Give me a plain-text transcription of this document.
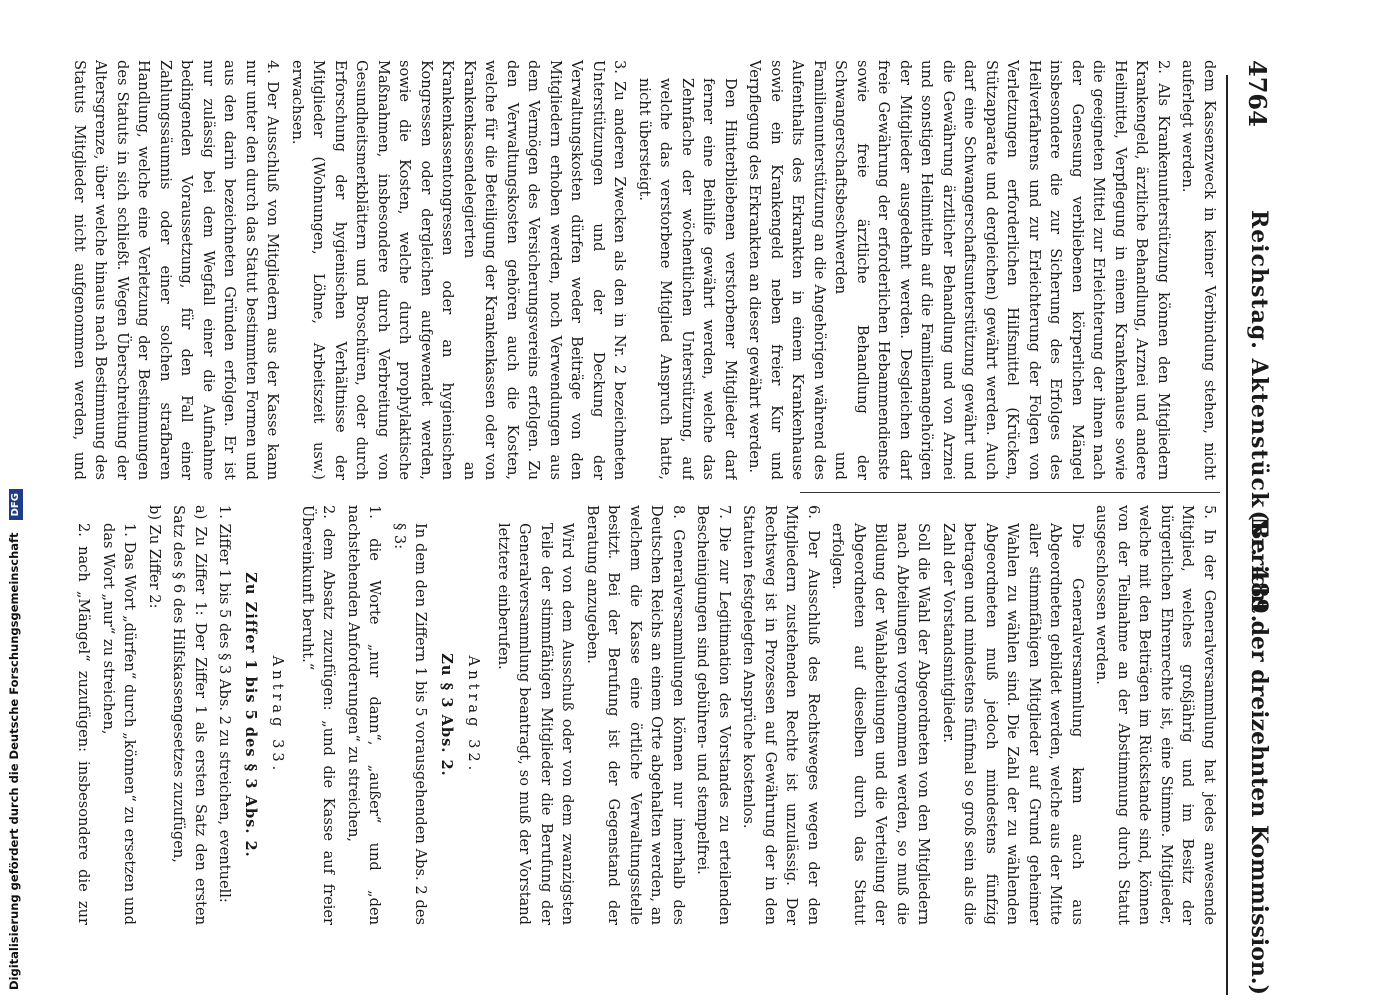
4764
Reichstag. Aktenstück Nr. 489.
(Bericht der dreizehnten Kommission.)

dem Kassenzweck in keiner Verbindung stehen, nicht auferlegt werden.

2. Als Krankenunterstützung können den Mitgliedern Krankengeld, ärztliche Behandlung, Arznei und andere Heilmittel, Verpflegung in einem Krankenhause sowie die geeigneten Mittel zur Erleichterung der ihnen nach der Genesung verbliebenen körperlichen Mängel insbesondere die zur Sicherung des Erfolges des Heilverfahrens und zur Erleichterung der Folgen von Verletzungen erforderlichen Hilfsmittel (Krücken, Stützapparate und dergleichen) gewährt werden. Auch darf eine Schwangerschaftsunterstützung gewährt und die Gewährung ärztlicher Behandlung und von Arznei und sonstigen Heilmitteln auf die Familienangehörigen der Mitglieder ausgedehnt werden. Desgleichen darf freie Gewährung der erforderlichen Hebammendienste sowie freie ärztliche Behandlung der Schwangerschaftsbeschwerden und Familienunterstützung an die Angehörigen während des Aufenthalts des Erkrankten in einem Krankenhause sowie ein Krankengeld neben freier Kur und Verpflegung des Erkrankten an dieser gewährt werden.

Den Hinterbliebenen verstorbener Mitglieder darf ferner eine Beihilfe gewährt werden, welche das Zehnfache der wöchentlichen Unterstützung, auf welche das verstorbene Mitglied Anspruch hatte, nicht übersteigt.

3. Zu anderen Zwecken als den in Nr. 2 bezeichneten Unterstützungen und der Deckung der Verwaltungskosten dürfen weder Beiträge von den Mitgliedern erhoben werden, noch Verwendungen aus dem Vermögen des Versicherungsvereins erfolgen. Zu den Verwaltungskosten gehören auch die Kosten, welche für die Beteiligung der Krankenkassen oder von Krankenkassendelegierten an Krankenkassentongressen oder an hygienischen Kongressen oder dergleichen aufgewendet werden, sowie die Kosten, welche durch prophylaktische Maßnahmen, insbesondere durch Verbreitung von Gesundheitsmerkblättern und Broschüren, oder durch Erforschung der hygienischen Verhältnisse der Mitglieder (Wohnungen, Löhne, Arbeitszeit usw.) erwachsen.

4. Der Ausschluß von Mitgliedern aus der Kasse kann nur unter den durch das Statut bestimmten Formen und aus den darin bezeichneten Gründen erfolgen. Er ist nur zulässig bei dem Wegfall einer die Aufnahme bedingenden Voraussetzung, für den Fall einer Zahlungssäumnis oder einer solchen strafbaren Handlung, welche eine Verletzung der Bestimmungen des Statuts in sich schließt. Wegen Überschreitung der Altersgrenze, über welche hinaus nach Bestimmung des Statuts Mitglieder nicht aufgenommen werden, und

5. In der Generalversammlung hat jedes anwesende Mitglied, welches großjährig und im Besitz der bürgerlichen Ehrenrechte ist, eine Stimme. Mitglieder, welche mit den Beiträgen im Rückstande sind, können von der Teilnahme an der Abstimmung durch Statut ausgeschlossen werden.

Die Generalversammlung kann auch aus Abgeordneten gebildet werden, welche aus der Mitte aller stimmfähigen Mitglieder auf Grund geheimer Wahlen zu wählen sind. Die Zahl der zu wählenden Abgeordneten muß jedoch mindestens fünfzig betragen und mindestens fünfmal so groß sein als die Zahl der Vorstandsmitglieder.

Soll die Wahl der Abgeordneten von den Mitgliedern nach Abteilungen vorgenommen werden, so muß die Bildung der Wahlabteilungen und die Verteilung der Abgeordneten auf dieselben durch das Statut erfolgen.

6. Der Ausschluß des Rechtsweges wegen der den Mitgliedern zustehenden Rechte ist unzulässig. Der Rechtsweg ist in Prozessen auf Gewährung der in den Statuten festgelegten Ansprüche kostenlos.

7. Die zur Legitimation des Vorstandes zu erteilenden Bescheinigungen sind gebühren- und stempelfrei.

8. Generalversammlungen können nur innerhalb des Deutschen Reichs an einem Orte abgehalten werden, an welchem die Kasse eine örtliche Verwaltungsstelle besitzt. Bei der Berufung ist der Gegenstand der Beratung anzugeben.

Wird von dem Ausschuß oder von dem zwanzigsten Teile der stimmfähigen Mitglieder die Berufung der Generalversammlung beantragt, so muß der Vorstand letztere einberufen.

Antrag 32.
Zu § 3 Abs. 2.

In dem den Ziffern 1 bis 5 vorausgehenden Abs. 2 des § 3:

1. die Worte „nur dann“, „außer“ und „den nachstehenden Anforderungen“ zu streichen,

2. dem Absatz zuzufügen: „und die Kasse auf freier Übereinkunft beruht.“

Antrag 33.
Zu Ziffer 1 bis 5 des § 3 Abs. 2.

1. Ziffer 1 bis 5 des § 3 Abs. 2 zu streichen, eventuell:

a) Zu Ziffer 1: Der Ziffer 1 als ersten Satz den ersten Satz des § 6 des Hilfskassengesetzes zuzufügen,

b) Zu Ziffer 2:

1. Das Wort „dürfen“ durch „können“ zu ersetzen und das Wort „nur“ zu streichen,

2. nach „Mängel“ zuzufügen: insbesondere die zur

Digitalisierung gefördert durch die Deutsche Forschungsgemeinschaft DFG
